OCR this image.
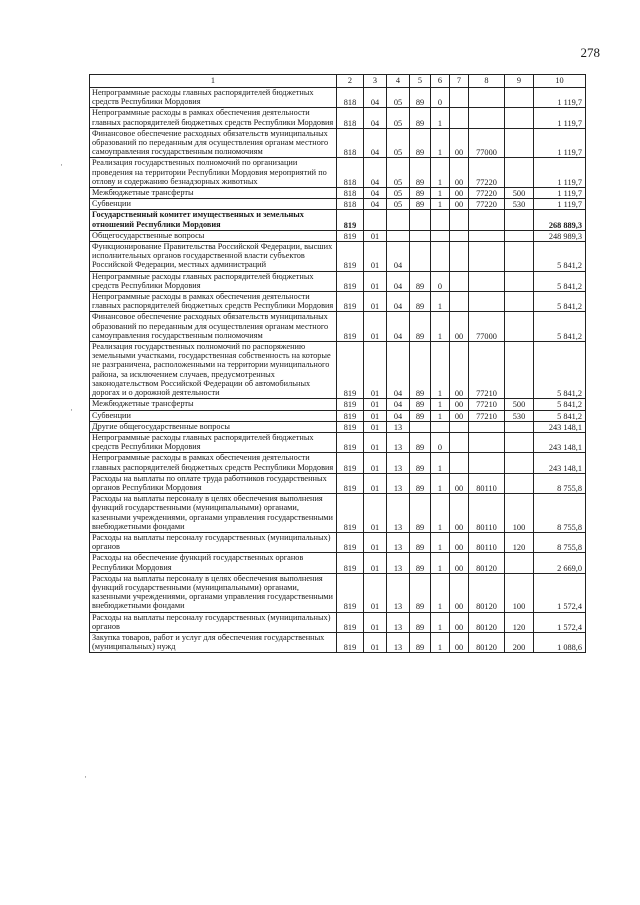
278
·
·
·
1	2	3	4	5	6	7	8	9	10
Непрограммные расходы главных распорядителей бюджетных средств Республики Мордовия	818	04	05	89	0				1 119,7
Непрограммные расходы в рамках обеспечения деятельности главных распорядителей бюджетных средств Республики Мордовия	818	04	05	89	1				1 119,7
Финансовое обеспечение расходных обязательств муниципальных образований по переданным для осуществления органам местного самоуправления государственным полномочиям	818	04	05	89	1	00	77000		1 119,7
Реализация государственных полномочий по организации проведения на территории Республики Мордовия мероприятий по отлову и содержанию безнадзорных животных	818	04	05	89	1	00	77220		1 119,7
Межбюджетные трансферты	818	04	05	89	1	00	77220	500	1 119,7
Субвенции	818	04	05	89	1	00	77220	530	1 119,7
Государственный комитет имущественных и земельных отношений Республики Мордовия	819								268 889,3
Общегосударственные вопросы	819	01							248 989,3
Функционирование Правительства Российской Федерации, высших исполнительных органов государственной власти субъектов Российской Федерации, местных администраций	819	01	04						5 841,2
Непрограммные расходы главных распорядителей бюджетных средств Республики Мордовия	819	01	04	89	0				5 841,2
Непрограммные расходы в рамках обеспечения деятельности главных распорядителей бюджетных средств Республики Мордовия	819	01	04	89	1				5 841,2
Финансовое обеспечение расходных обязательств муниципальных образований по переданным для осуществления органам местного самоуправления государственным полномочиям	819	01	04	89	1	00	77000		5 841,2
Реализация государственных полномочий по распоряжению земельными участками, государственная собственность на которые не разграничена, расположенными на территории муниципального района, за исключением случаев, предусмотренных законодательством Российской Федерации об автомобильных дорогах и о дорожной деятельности	819	01	04	89	1	00	77210		5 841,2
Межбюджетные трансферты	819	01	04	89	1	00	77210	500	5 841,2
Субвенции	819	01	04	89	1	00	77210	530	5 841,2
Другие общегосударственные вопросы	819	01	13						243 148,1
Непрограммные расходы главных распорядителей бюджетных средств Республики Мордовия	819	01	13	89	0				243 148,1
Непрограммные расходы в рамках обеспечения деятельности главных распорядителей бюджетных средств Республики Мордовия	819	01	13	89	1				243 148,1
Расходы на выплаты по оплате труда работников государственных органов Республики Мордовия	819	01	13	89	1	00	80110		8 755,8
Расходы на выплаты персоналу в целях обеспечения выполнения функций государственными (муниципальными) органами, казенными учреждениями, органами управления государственными внебюджетными фондами	819	01	13	89	1	00	80110	100	8 755,8
Расходы на выплаты персоналу государственных (муниципальных) органов	819	01	13	89	1	00	80110	120	8 755,8
Расходы на обеспечение функций государственных органов Республики Мордовия	819	01	13	89	1	00	80120		2 669,0
Расходы на выплаты персоналу в целях обеспечения выполнения функций государственными (муниципальными) органами, казенными учреждениями, органами управления государственными внебюджетными фондами	819	01	13	89	1	00	80120	100	1 572,4
Расходы на выплаты персоналу государственных (муниципальных) органов	819	01	13	89	1	00	80120	120	1 572,4
Закупка товаров, работ и услуг для обеспечения государственных (муниципальных) нужд	819	01	13	89	1	00	80120	200	1 088,6
